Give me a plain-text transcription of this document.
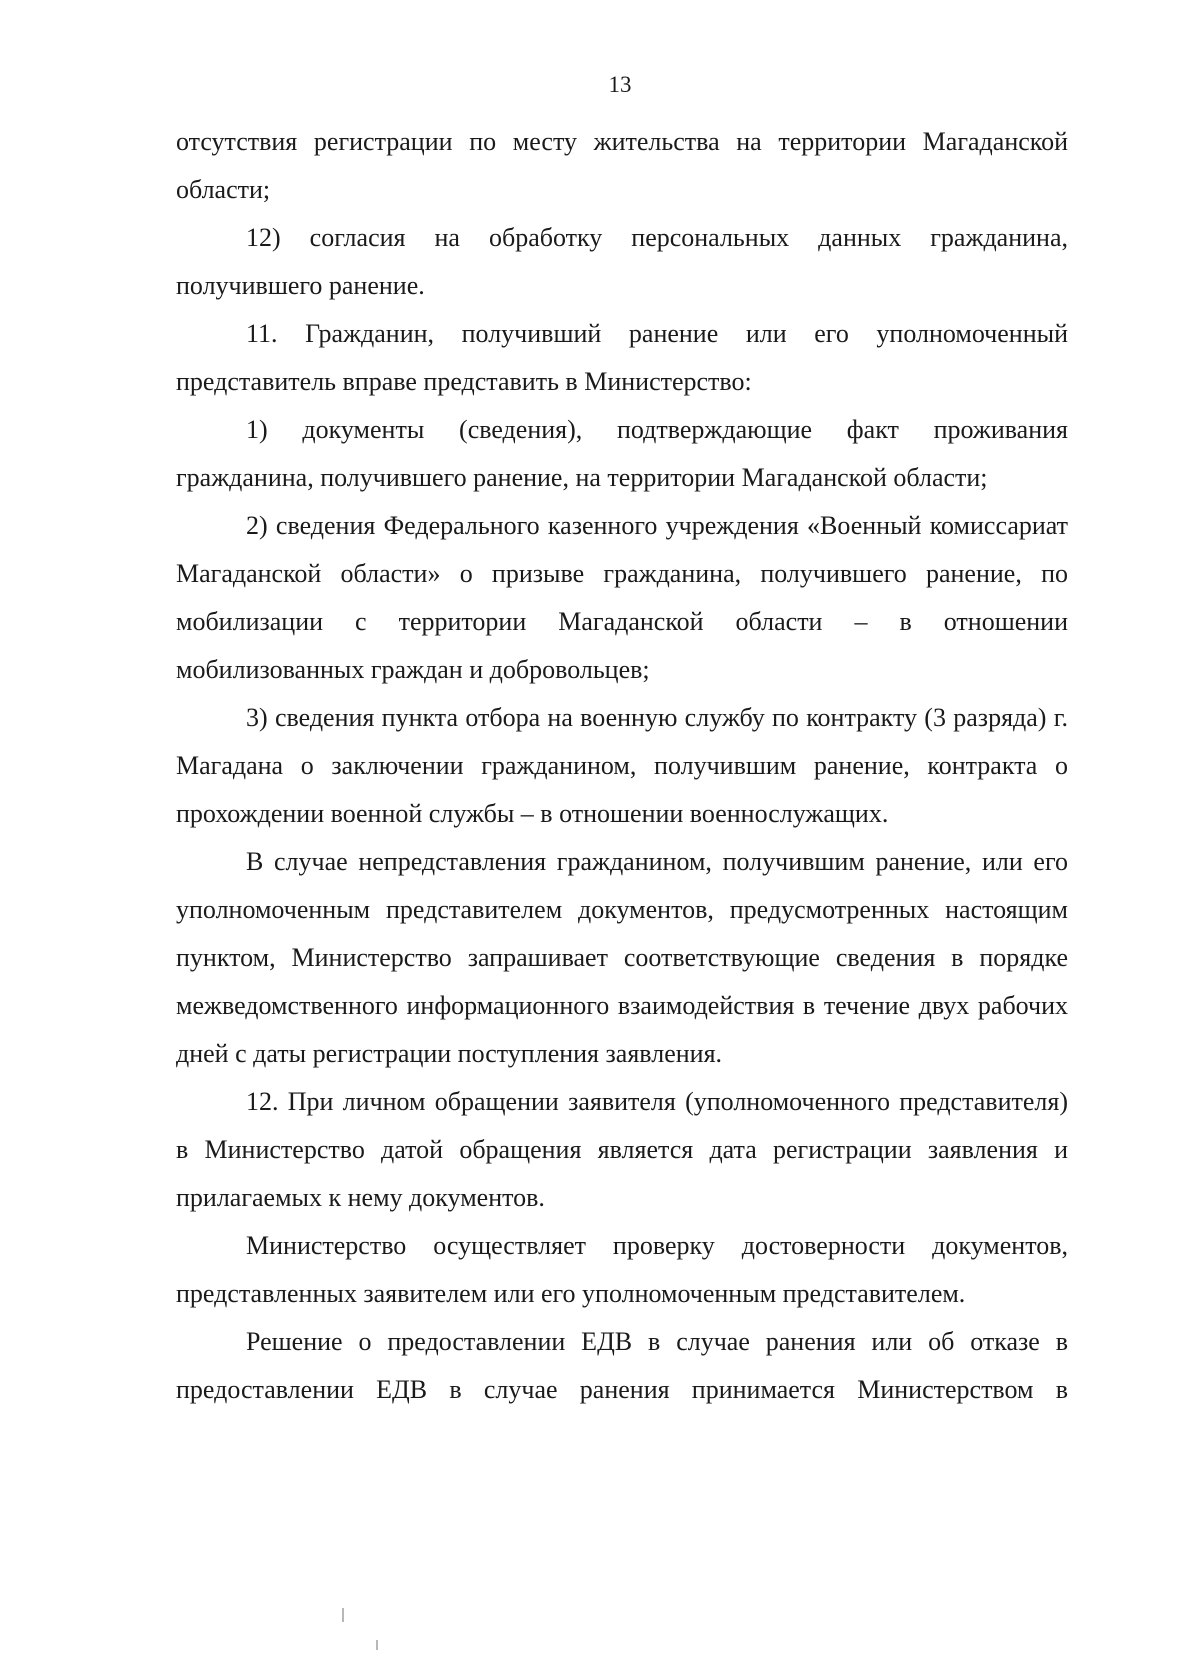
13

отсутствия регистрации по месту жительства на территории Магаданской области;

12) согласия на обработку персональных данных гражданина, получившего ранение.

11. Гражданин, получивший ранение или его уполномоченный представитель вправе представить в Министерство:

1) документы (сведения), подтверждающие факт проживания гражданина, получившего ранение, на территории Магаданской области;

2) сведения Федерального казенного учреждения «Военный комиссариат Магаданской области» о призыве гражданина, получившего ранение, по мобилизации с территории Магаданской области – в отношении мобилизованных граждан и добровольцев;

3) сведения пункта отбора на военную службу по контракту (3 разряда) г. Магадана о заключении гражданином, получившим ранение, контракта о прохождении военной службы – в отношении военнослужащих.

В случае непредставления гражданином, получившим ранение, или его уполномоченным представителем документов, предусмотренных настоящим пунктом, Министерство запрашивает соответствующие сведения в порядке межведомственного информационного взаимодействия в течение двух рабочих дней с даты регистрации поступления заявления.

12. При личном обращении заявителя (уполномоченного представителя) в Министерство датой обращения является дата регистрации заявления и прилагаемых к нему документов.

Министерство осуществляет проверку достоверности документов, представленных заявителем или его уполномоченным представителем.

Решение о предоставлении ЕДВ в случае ранения или об отказе в предоставлении ЕДВ в случае ранения принимается Министерством в
